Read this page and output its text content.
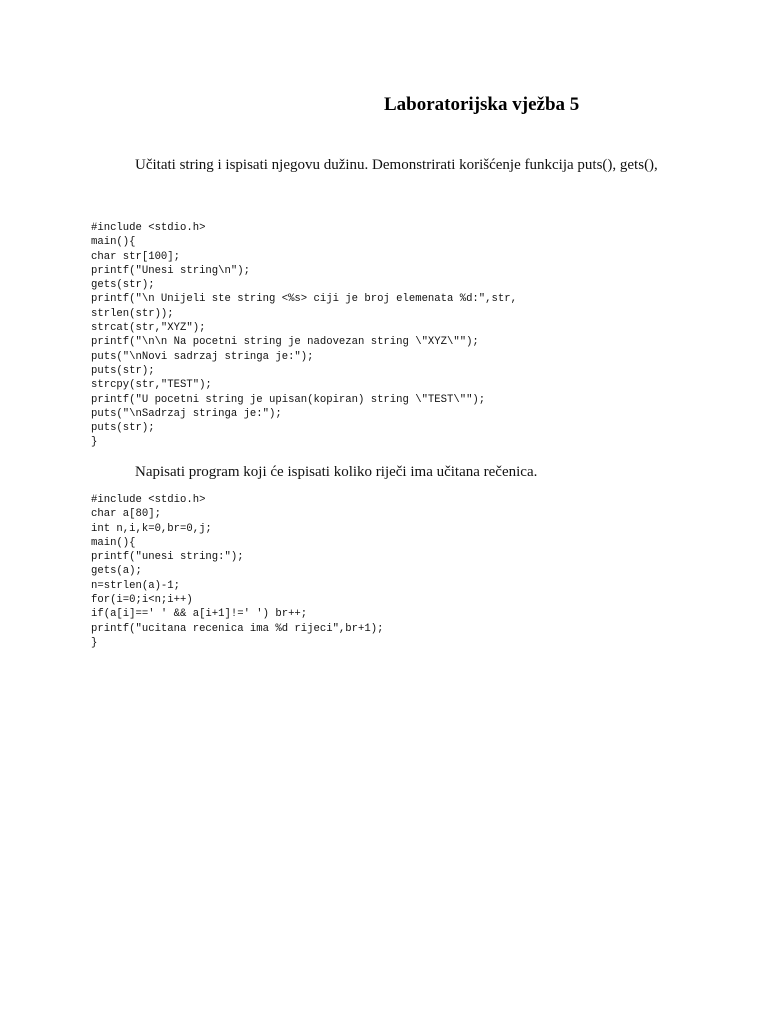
Laboratorijska vježba 5

Učitati string i ispisati njegovu dužinu. Demonstrirati korišćenje funkcija puts(), gets(),

#include <stdio.h>
main(){
char str[100];
printf("Unesi string\n");
gets(str);
printf("\n Unijeli ste string <%s> ciji je broj elemenata %d:",str,
strlen(str));
strcat(str,"XYZ");
printf("\n\n Na pocetni string je nadovezan string \"XYZ\"");
puts("\nNovi sadrzaj stringa je:");
puts(str);
strcpy(str,"TEST");
printf("U pocetni string je upisan(kopiran) string \"TEST\"");
puts("\nSadrzaj stringa je:");
puts(str);
}

Napisati program koji će ispisati koliko riječi ima učitana rečenica.

#include <stdio.h>
char a[80];
int n,i,k=0,br=0,j;
main(){
printf("unesi string:");
gets(a);
n=strlen(a)-1;
for(i=0;i<n;i++)
if(a[i]==' ' && a[i+1]!=' ') br++;
printf("ucitana recenica ima %d rijeci",br+1);
}
